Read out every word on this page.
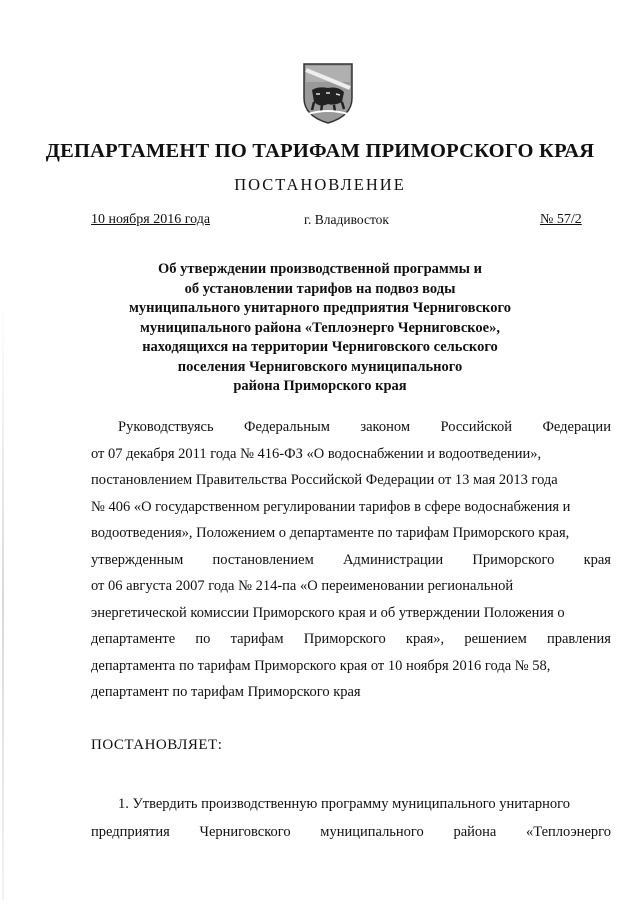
ДЕПАРТАМЕНТ ПО ТАРИФАМ ПРИМОРСКОГО КРАЯ
ПОСТАНОВЛЕНИЕ
10 ноября 2016 года	г. Владивосток	№ 57/2
Об утверждении производственной программы и
об установлении тарифов на подвоз воды
муниципального унитарного предприятия Черниговского
муниципального района «Теплоэнерго Черниговское»,
находящихся на территории Черниговского сельского
поселения Черниговского муниципального
района Приморского края
Руководствуясь Федеральным законом Российской Федерации
от 07 декабря 2011 года № 416-ФЗ «О водоснабжении и водоотведении»,
постановлением Правительства Российской Федерации от 13 мая 2013 года
№ 406 «О государственном регулировании тарифов в сфере водоснабжения и
водоотведения», Положением о департаменте по тарифам Приморского края,
утвержденным постановлением Администрации Приморского края
от 06 августа 2007 года № 214-па «О переименовании региональной
энергетической комиссии Приморского края и об утверждении Положения о
департаменте по тарифам Приморского края», решением правления
департамента по тарифам Приморского края от 10 ноября 2016 года № 58,
департамент по тарифам Приморского края
ПОСТАНОВЛЯЕТ:
1. Утвердить производственную программу муниципального унитарного
предприятия Черниговского муниципального района «Теплоэнерго
